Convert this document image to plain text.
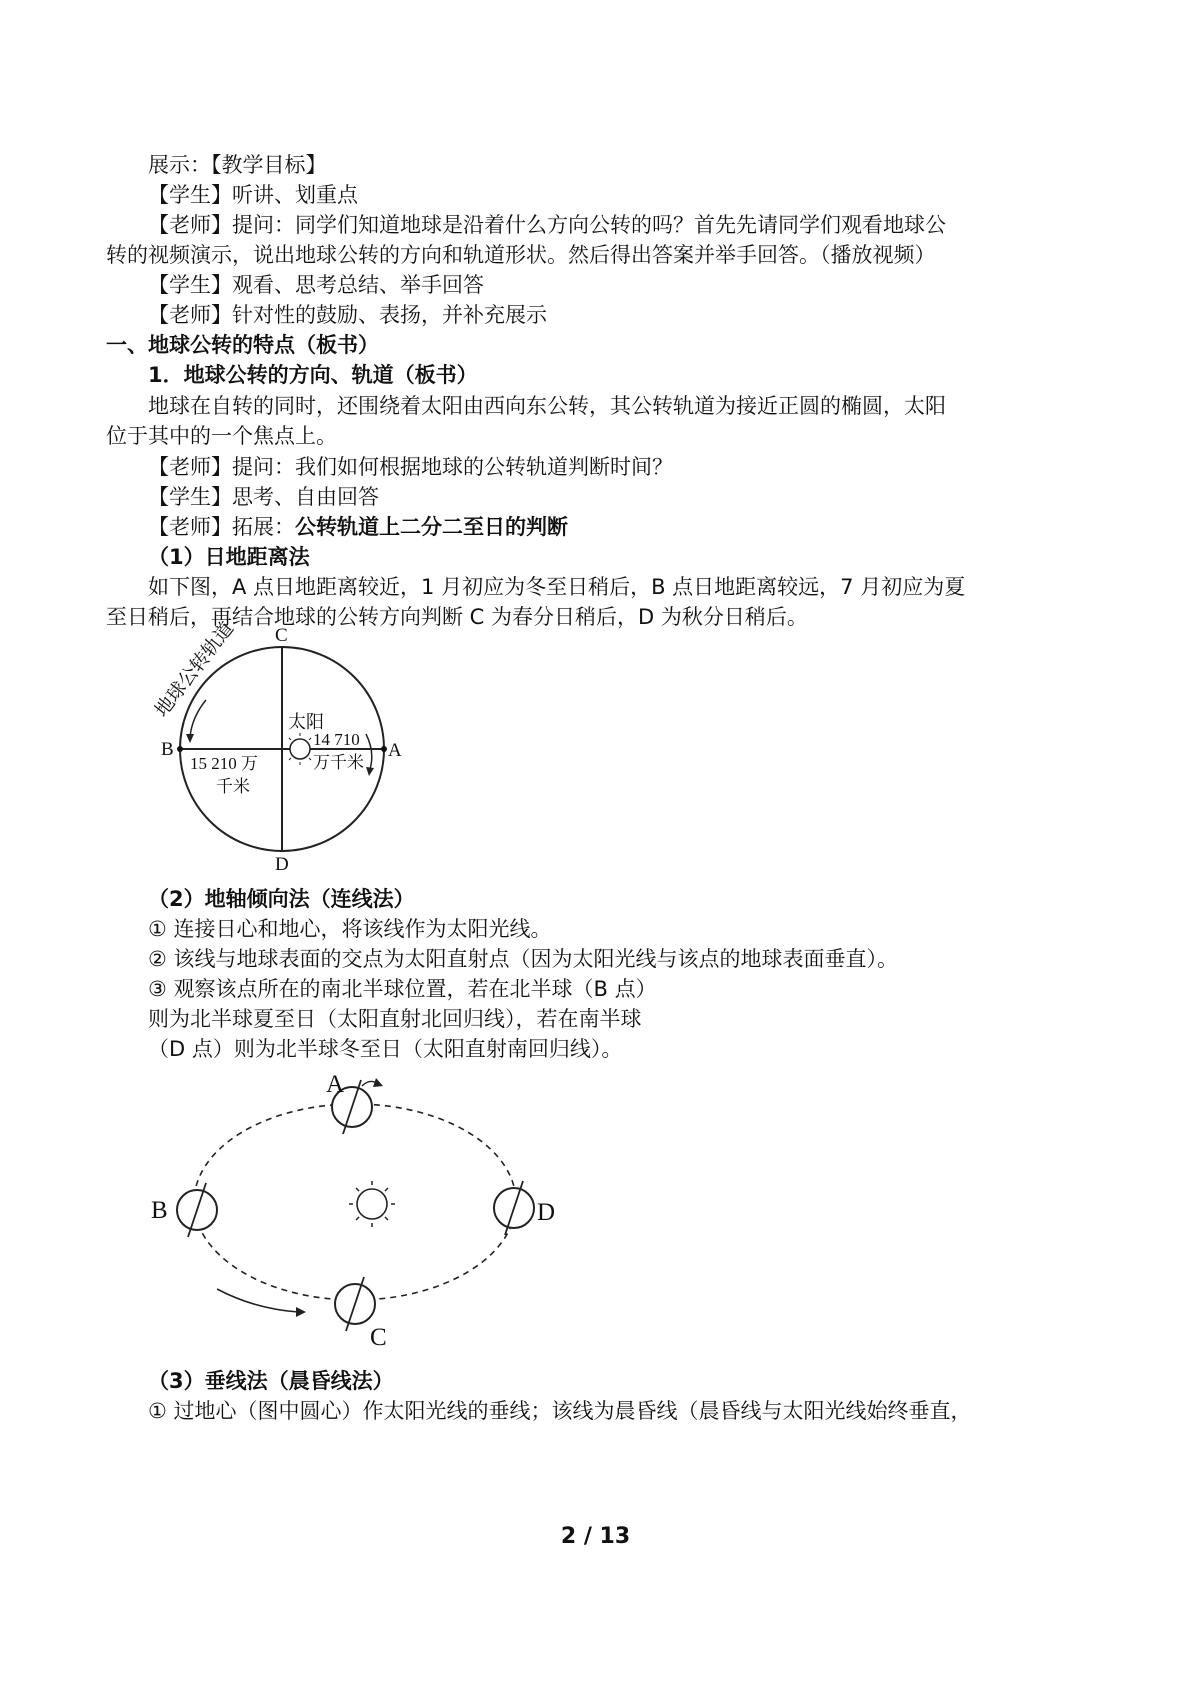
展示：【教学目标】
【学生】听讲、划重点
【老师】提问：同学们知道地球是沿着什么方向公转的吗？首先先请同学们观看地球公
转的视频演示，说出地球公转的方向和轨道形状。然后得出答案并举手回答。（播放视频）
【学生】观看、思考总结、举手回答
【老师】针对性的鼓励、表扬，并补充展示
一、地球公转的特点（板书）
1．地球公转的方向、轨道（板书）
地球在自转的同时，还围绕着太阳由西向东公转，其公转轨道为接近正圆的椭圆，太阳
位于其中的一个焦点上。
【老师】提问：我们如何根据地球的公转轨道判断时间？
【学生】思考、自由回答
【老师】拓展：公转轨道上二分二至日的判断
（1）日地距离法
如下图，A 点日地距离较近，1 月初应为冬至日稍后，B 点日地距离较远，7 月初应为夏
至日稍后，再结合地球的公转方向判断 C 为春分日稍后，D 为秋分日稍后。
C
D
B	A
地球公转轨道
太阳
14 710
万千米
15 210 万
千米
（2）地轴倾向法（连线法）
① 连接日心和地心，将该线作为太阳光线。
② 该线与地球表面的交点为太阳直射点（因为太阳光线与该点的地球表面垂直）。
③ 观察该点所在的南北半球位置，若在北半球（B 点）
则为北半球夏至日（太阳直射北回归线），若在南半球
（D 点）则为北半球冬至日（太阳直射南回归线）。
A
B	D
C
（3）垂线法（晨昏线法）
① 过地心（图中圆心）作太阳光线的垂线；该线为晨昏线（晨昏线与太阳光线始终垂直，
2 / 13
